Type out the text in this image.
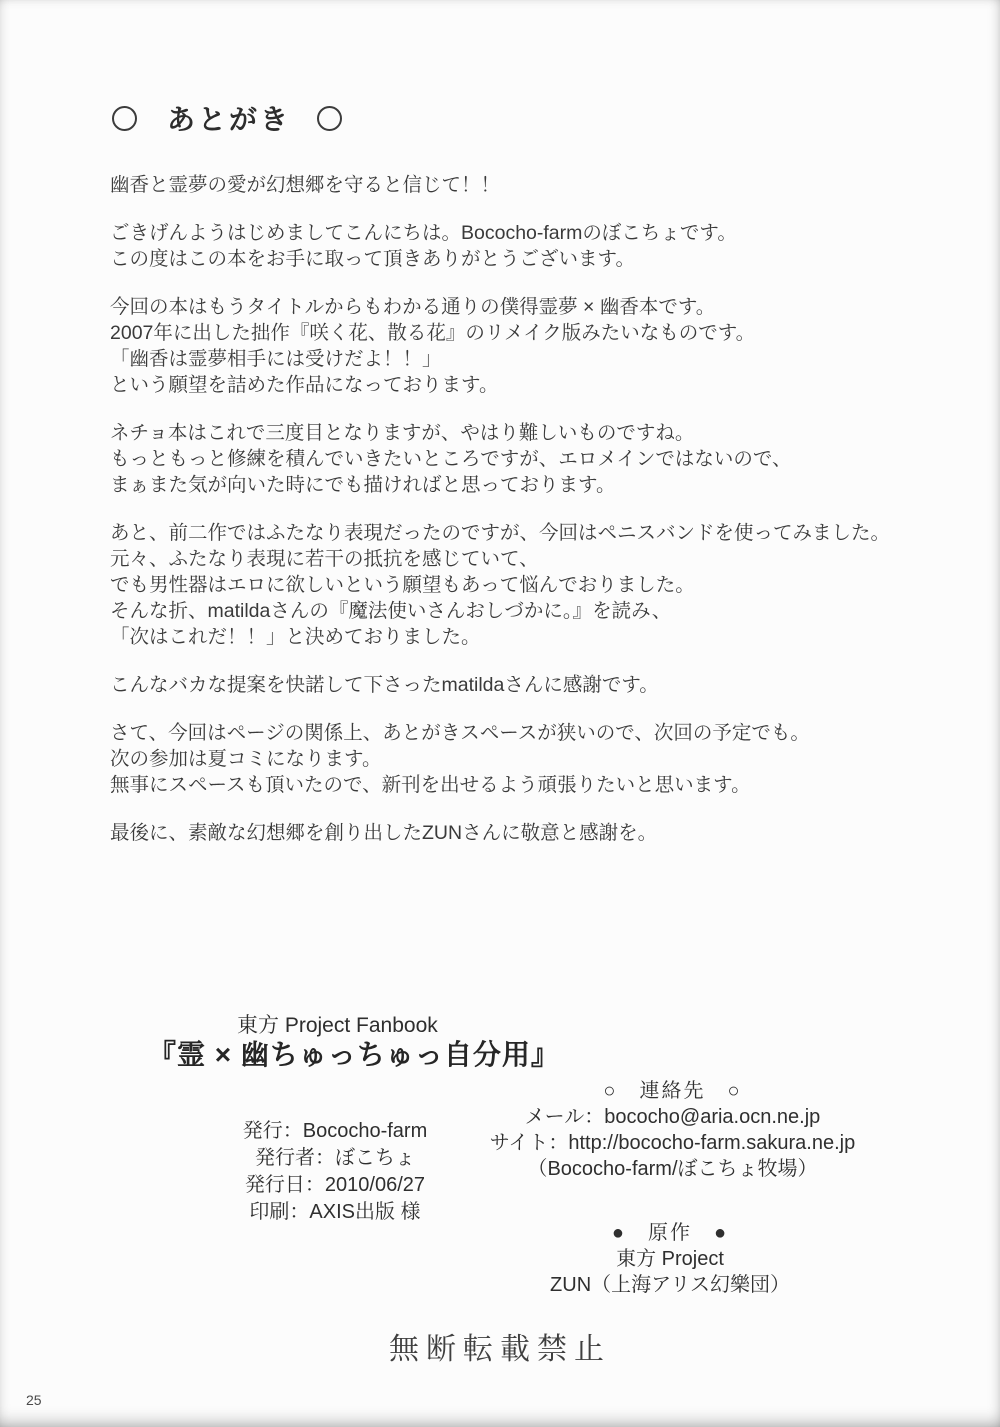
あとがき
幽香と霊夢の愛が幻想郷を守ると信じて！！
ごきげんようはじめましてこんにちは。Bococho-farmのぼこちょです。
この度はこの本をお手に取って頂きありがとうございます。
今回の本はもうタイトルからもわかる通りの僕得霊夢 × 幽香本です。
2007年に出した拙作『咲く花、散る花』のリメイク版みたいなものです。
「幽香は霊夢相手には受けだよ！！」
という願望を詰めた作品になっております。
ネチョ本はこれで三度目となりますが、やはり難しいものですね。
もっともっと修練を積んでいきたいところですが、エロメインではないので、
まぁまた気が向いた時にでも描ければと思っております。
あと、前二作ではふたなり表現だったのですが、今回はペニスバンドを使ってみました。
元々、ふたなり表現に若干の抵抗を感じていて、
でも男性器はエロに欲しいという願望もあって悩んでおりました。
そんな折、matildaさんの『魔法使いさんおしづかに。』を読み、
「次はこれだ！！」と決めておりました。
こんなバカな提案を快諾して下さったmatildaさんに感謝です。
さて、今回はページの関係上、あとがきスペースが狭いので、次回の予定でも。
次の参加は夏コミになります。
無事にスペースも頂いたので、新刊を出せるよう頑張りたいと思います。
最後に、素敵な幻想郷を創り出したZUNさんに敬意と感謝を。
東方 Project Fanbook
『霊 × 幽ちゅっちゅっ自分用』
発行：Bococho-farm
発行者：ぼこちょ
発行日：2010/06/27
印刷：AXIS出版 様
○　連絡先　○
メール：bococho@aria.ocn.ne.jp
サイト：http://bococho-farm.sakura.ne.jp
（Bococho-farm/ぼこちょ牧場）
●　原作　●
東方 Project
ZUN（上海アリス幻樂団）
無断転載禁止
25
